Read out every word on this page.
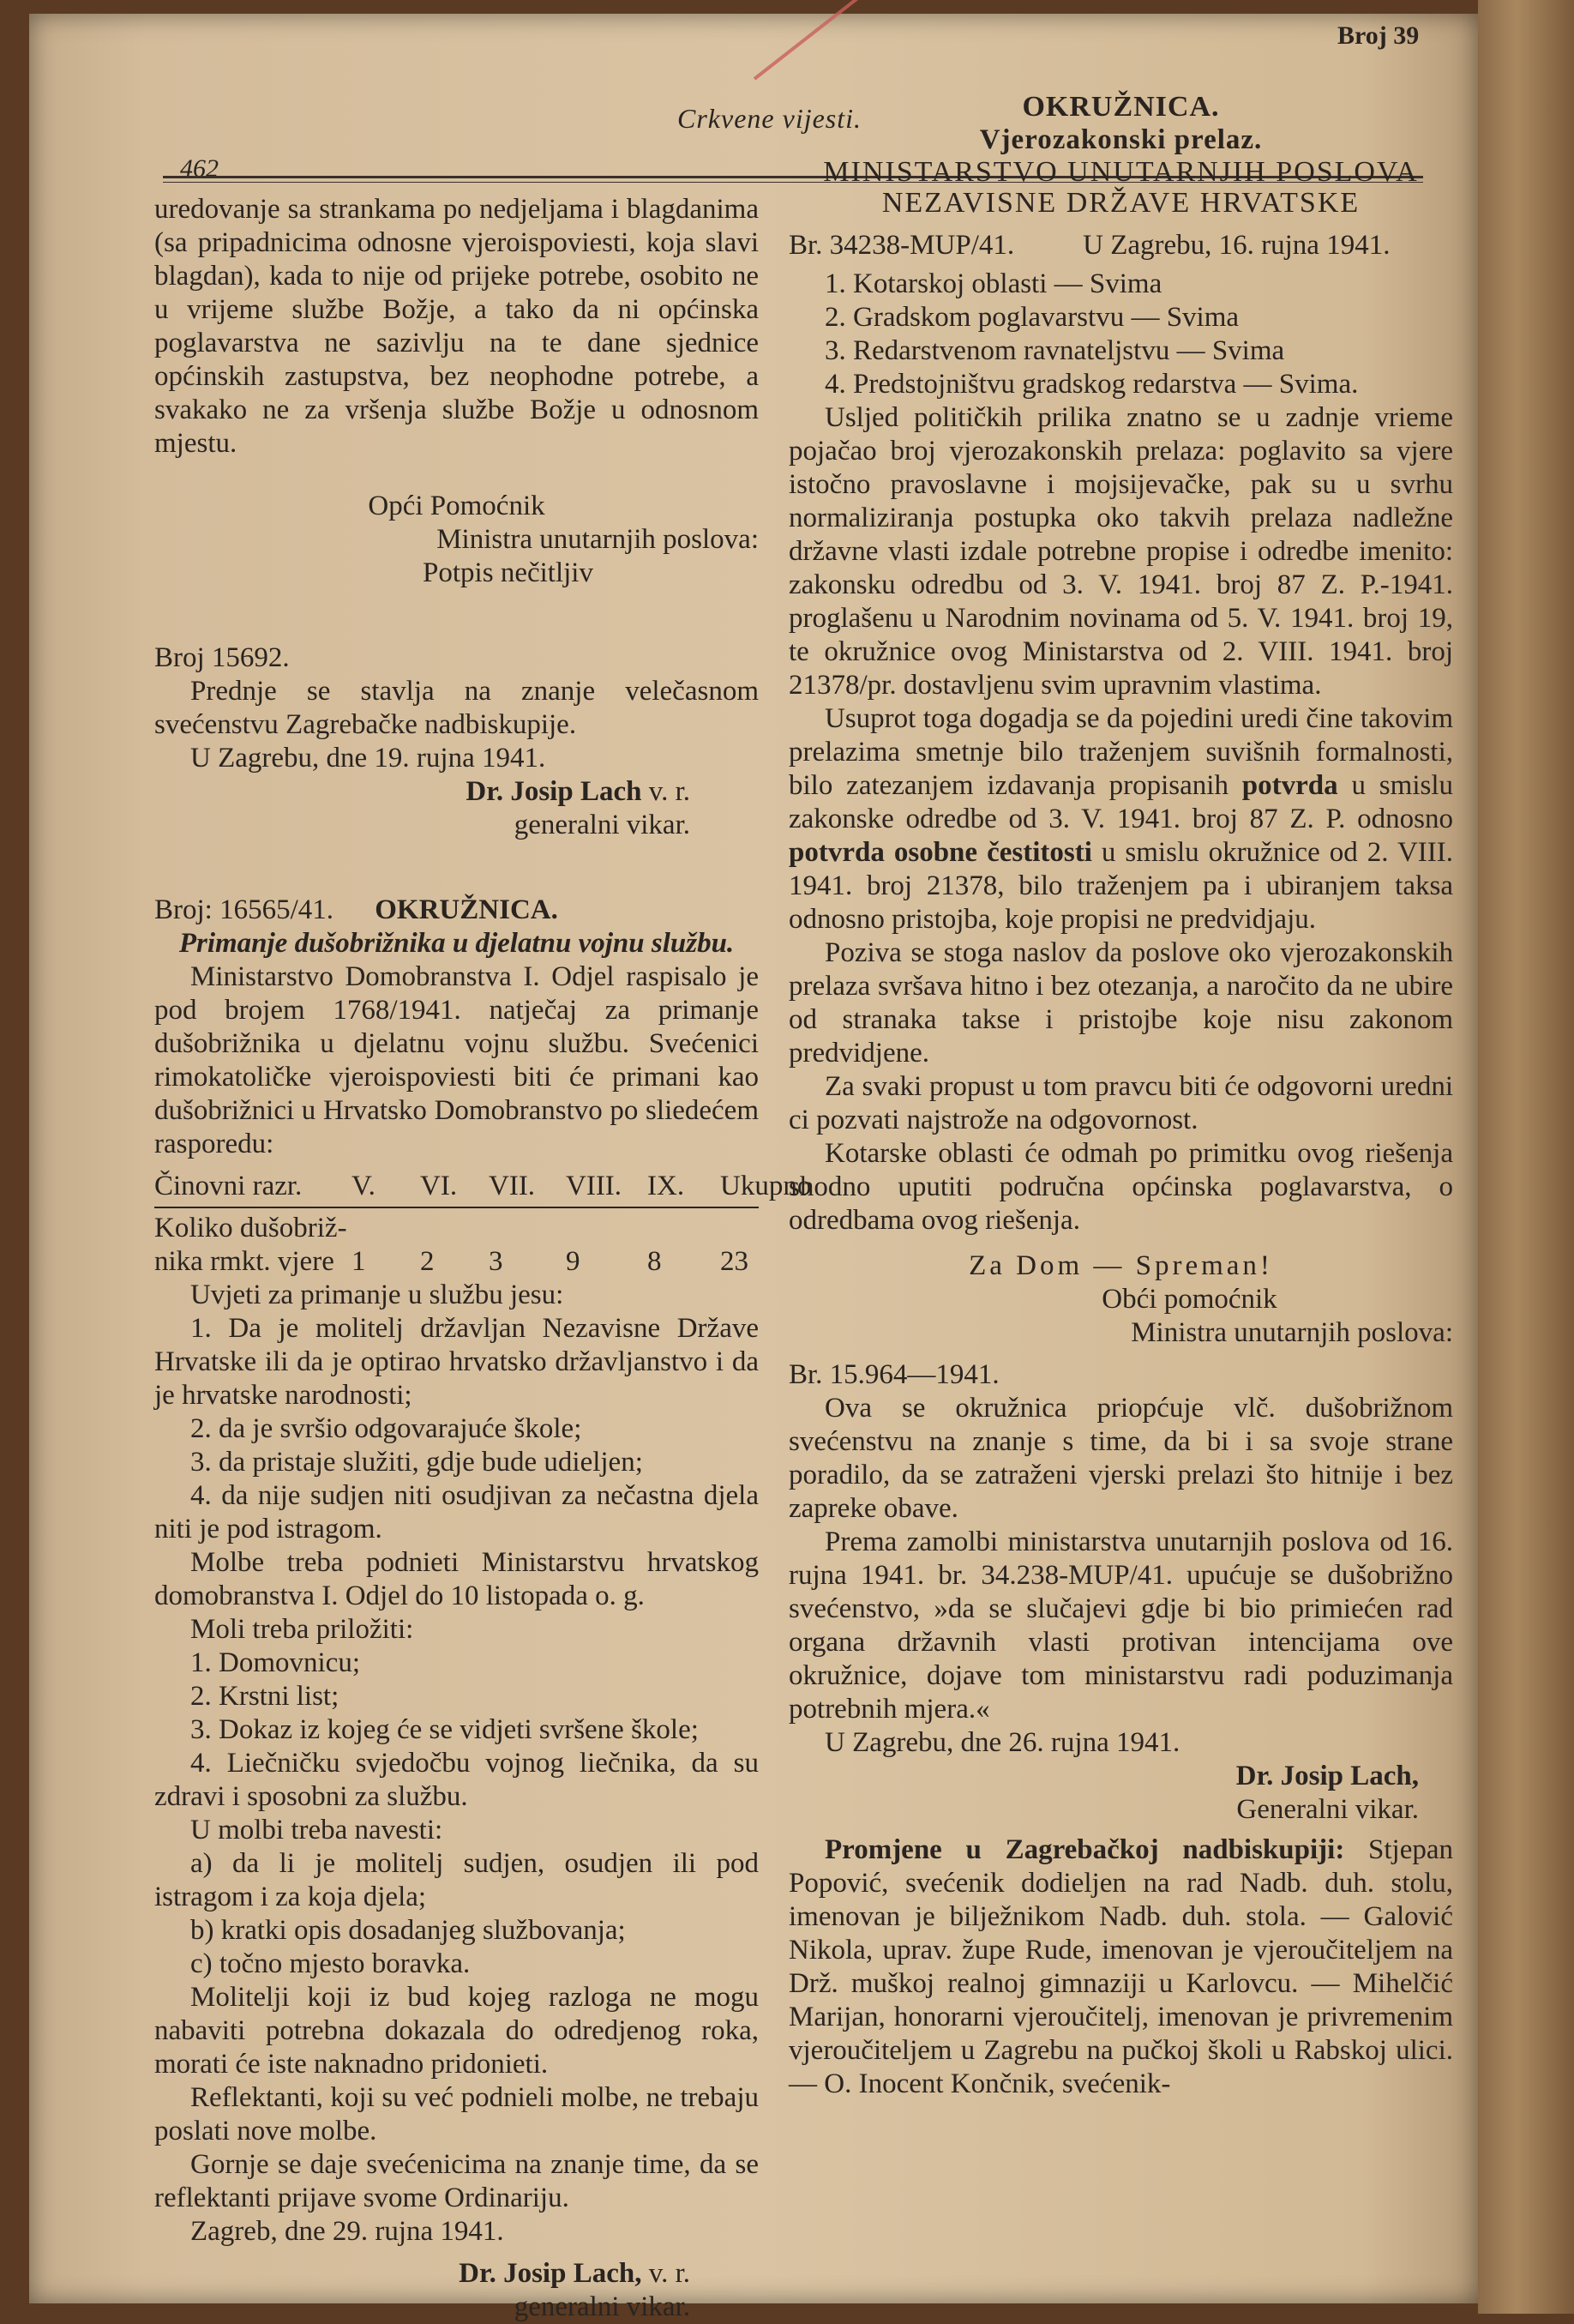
462
Crkvene vijesti.
Broj 39

uredovanje sa strankama po nedjeljama i blagdanima (sa pripadnicima odnosne vjeroispoviesti, koja slavi blagdan), kada to nije od prijeke potrebe, osobito ne u vrijeme službe Božje, a tako da ni općinska poglavarstva ne sazivlju na te dane sjednice općinskih zastupstva, bez neophodne potrebe, a svakako ne za vršenja službe Božje u odnosnom mjestu.

Opći Pomoćnik

Ministra unutarnjih poslova:

Potpis nečitljiv

Broj 15692.

Prednje se stavlja na znanje velečasnom svećenstvu Zagrebačke nadbiskupije.

U Zagrebu, dne 19. rujna 1941.

Dr. Josip Lach v. r.

generalni vikar.

Broj: 16565/41. OKRUŽNICA.

Primanje dušobrižnika u djelatnu vojnu službu.

Ministarstvo Domobranstva I. Odjel raspisalo je pod brojem 1768/1941. natječaj za primanje dušobrižnika u djelatnu vojnu službu. Svećenici rimokatoličke vjeroispoviesti biti će primani kao dušobrižnici u Hrvatsko Domobranstvo po sliedećem rasporedu:

Činovni razr.	V.	VI.	VII.	VIII. IX.	Ukupno

Koliko dušobriž-

nika rmkt. vjere 1	2	3	9	8	23

Uvjeti za primanje u službu jesu:

1. Da je molitelj državljan Nezavisne Države Hrvatske ili da je optirao hrvatsko državljanstvo i da je hrvatske narodnosti;

2. da je svršio odgovarajuće škole;

3. da pristaje služiti, gdje bude udieljen;

4. da nije sudjen niti osudjivan za nečastna djela niti je pod istragom.

Molbe treba podnieti Ministarstvu hrvatskog domobranstva I. Odjel do 10 listopada o. g.

Moli treba priložiti:

1. Domovnicu;

2. Krstni list;

3. Dokaz iz kojeg će se vidjeti svršene škole;

4. Liečničku svjedočbu vojnog liečnika, da su zdravi i sposobni za službu.

U molbi treba navesti:

a) da li je molitelj sudjen, osudjen ili pod istragom i za koja djela;

b) kratki opis dosadanjeg službovanja;

c) točno mjesto boravka.

Molitelji koji iz bud kojeg razloga ne mogu nabaviti potrebna dokazala do odredjenog roka, morati će iste naknadno pridonieti.

Reflektanti, koji su već podnieli molbe, ne trebaju poslati nove molbe.

Gornje se daje svećenicima na znanje time, da se reflektanti prijave svome Ordinariju.

Zagreb, dne 29. rujna 1941.

Dr. Josip Lach, v. r.

generalni vikar.

OKRUŽNICA.

Vjerozakonski prelaz.

MINISTARSTVO UNUTARNJIH POSLOVA

NEZAVISNE DRŽAVE HRVATSKE

Br. 34238-MUP/41. U Zagrebu, 16. rujna 1941.

1. Kotarskoj oblasti — Svima

2. Gradskom poglavarstvu — Svima

3. Redarstvenom ravnateljstvu — Svima

4. Predstojništvu gradskog redarstva — Svima.

Usljed političkih prilika znatno se u zadnje vrieme pojačao broj vjerozakonskih prelaza: poglavito sa vjere istočno pravoslavne i mojsijevačke, pak su u svrhu normaliziranja postupka oko takvih prelaza nadležne državne vlasti izdale potrebne propise i odredbe imenito: zakonsku odredbu od 3. V. 1941. broj 87 Z. P.-1941. proglašenu u Narodnim novinama od 5. V. 1941. broj 19, te okružnice ovog Ministarstva od 2. VIII. 1941. broj 21378/pr. dostavljenu svim upravnim vlastima.

Usuprot toga dogadja se da pojedini uredi čine takovim prelazima smetnje bilo traženjem suvišnih formalnosti, bilo zatezanjem izdavanja propisanih potvrda u smislu zakonske odredbe od 3. V. 1941. broj 87 Z. P. odnosno potvrda osobne čestitosti u smislu okružnice od 2. VIII. 1941. broj 21378, bilo traženjem pa i ubiranjem taksa odnosno pristojba, koje propisi ne predvidjaju.

Poziva se stoga naslov da poslove oko vjerozakonskih prelaza svršava hitno i bez otezanja, a naročito da ne ubire od stranaka takse i pristojbe koje nisu zakonom predvidjene.

Za svaki propust u tom pravcu biti će odgovorni uredni ci pozvati najstrože na odgovornost.

Kotarske oblasti će odmah po primitku ovog riešenja shodno uputiti područna općinska poglavarstva, o odredbama ovog riešenja.

Za Dom — Spreman!

Obći pomoćnik

Ministra unutarnjih poslova:

Br. 15.964—1941.

Ova se okružnica priopćuje vlč. dušobrižnom svećenstvu na znanje s time, da bi i sa svoje strane poradilo, da se zatraženi vjerski prelazi što hitnije i bez zapreke obave.

Prema zamolbi ministarstva unutarnjih poslova od 16. rujna 1941. br. 34.238-MUP/41. upućuje se dušobrižno svećenstvo, »da se slučajevi gdje bi bio primiećen rad organa državnih vlasti protivan intencijama ove okružnice, dojave tom ministarstvu radi poduzimanja potrebnih mjera.«

U Zagrebu, dne 26. rujna 1941.

Dr. Josip Lach,

Generalni vikar.

Promjene u Zagrebačkoj nadbiskupiji: Stjepan Popović, svećenik dodieljen na rad Nadb. duh. stolu, imenovan je bilježnikom Nadb. duh. stola. — Galović Nikola, uprav. župe Rude, imenovan je vjeroučiteljem na Drž. muškoj realnoj gimnaziji u Karlovcu. — Mihelčić Marijan, honorarni vjeroučitelj, imenovan je privremenim vjeroučiteljem u Zagrebu na pučkoj školi u Rabskoj ulici. — O. Inocent Končnik, svećenik-
